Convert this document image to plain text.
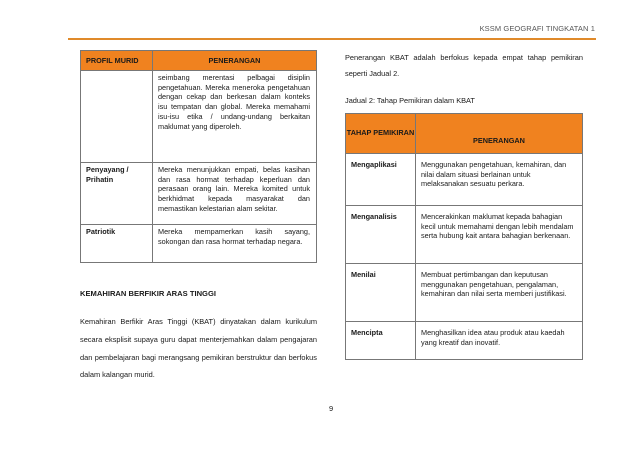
KSSM GEOGRAFI TINGKATAN 1
PROFIL MURID	PENERANGAN
	seimbang merentasi pelbagai disiplin pengetahuan. Mereka meneroka pengetahuan dengan cekap dan berkesan dalam konteks isu tempatan dan global. Mereka memahami isu-isu etika / undang-undang berkaitan maklumat yang diperoleh.
Penyayang / Prihatin	Mereka menunjukkan empati, belas kasihan dan rasa hormat terhadap keperluan dan perasaan orang lain. Mereka komited untuk berkhidmat kepada masyarakat dan memastikan kelestarian alam sekitar.
Patriotik	Mereka mempamerkan kasih sayang, sokongan dan rasa hormat terhadap negara.
KEMAHIRAN BERFIKIR ARAS TINGGI
Kemahiran Berfikir Aras Tinggi (KBAT) dinyatakan dalam kurikulum secara eksplisit supaya guru dapat menterjemahkan dalam pengajaran dan pembelajaran bagi merangsang pemikiran berstruktur dan berfokus dalam kalangan murid.
Penerangan KBAT adalah berfokus kepada empat tahap pemikiran seperti Jadual 2.
Jadual 2: Tahap Pemikiran dalam KBAT
TAHAP PEMIKIRAN	PENERANGAN
Mengaplikasi	Menggunakan pengetahuan, kemahiran, dan nilai dalam situasi berlainan untuk melaksanakan sesuatu perkara.
Menganalisis	Mencerakinkan maklumat kepada bahagian kecil untuk memahami dengan lebih mendalam serta hubung kait antara bahagian berkenaan.
Menilai	Membuat pertimbangan dan keputusan menggunakan pengetahuan, pengalaman, kemahiran dan nilai serta memberi justifikasi.
Mencipta	Menghasilkan idea atau produk atau kaedah yang kreatif dan inovatif.
9
